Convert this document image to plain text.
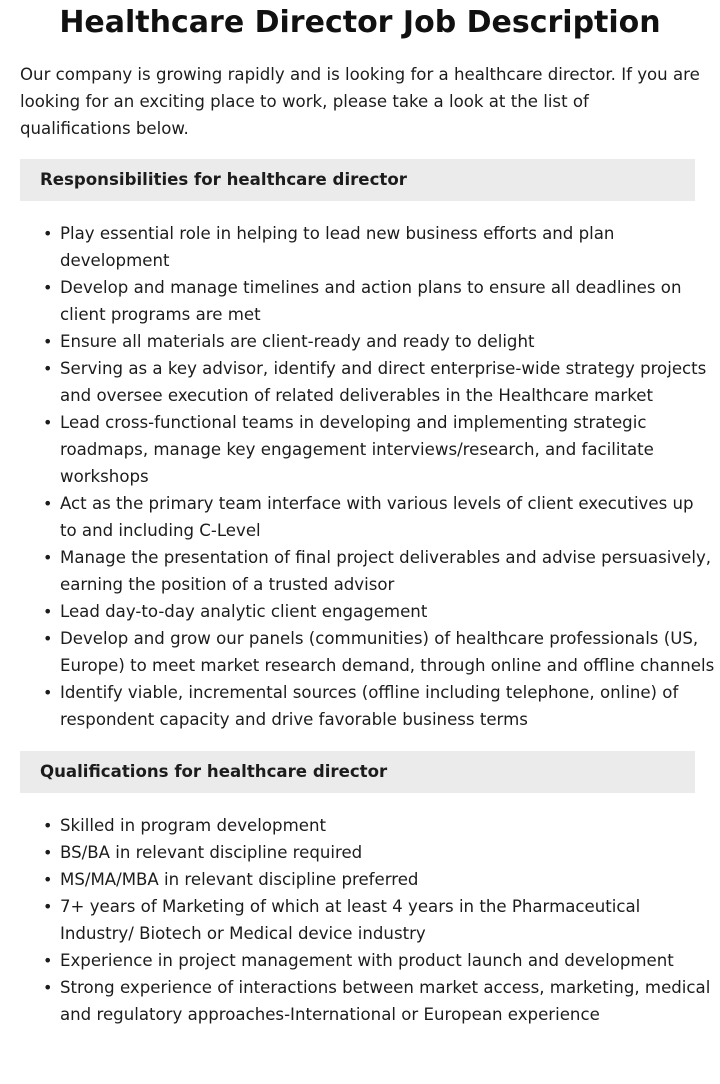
Healthcare Director Job Description

Our company is growing rapidly and is looking for a healthcare director. If you are looking for an exciting place to work, please take a look at the list of qualifications below.

Responsibilities for healthcare director
• Play essential role in helping to lead new business efforts and plan development
• Develop and manage timelines and action plans to ensure all deadlines on client programs are met
• Ensure all materials are client-ready and ready to delight
• Serving as a key advisor, identify and direct enterprise-wide strategy projects and oversee execution of related deliverables in the Healthcare market
• Lead cross-functional teams in developing and implementing strategic roadmaps, manage key engagement interviews/research, and facilitate workshops
• Act as the primary team interface with various levels of client executives up to and including C-Level
• Manage the presentation of final project deliverables and advise persuasively, earning the position of a trusted advisor
• Lead day-to-day analytic client engagement
• Develop and grow our panels (communities) of healthcare professionals (US, Europe) to meet market research demand, through online and offline channels
• Identify viable, incremental sources (offline including telephone, online) of respondent capacity and drive favorable business terms
Qualifications for healthcare director
• Skilled in program development
• BS/BA in relevant discipline required
• MS/MA/MBA in relevant discipline preferred
• 7+ years of Marketing of which at least 4 years in the Pharmaceutical Industry/ Biotech or Medical device industry
• Experience in project management with product launch and development
• Strong experience of interactions between market access, marketing, medical and regulatory approaches-International or European experience
